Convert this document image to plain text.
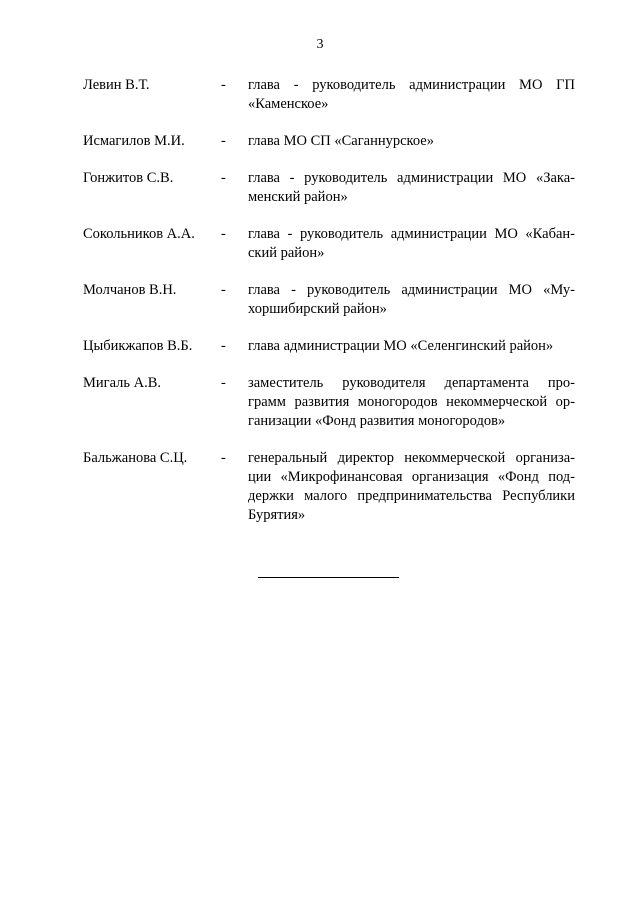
3
Левин В.Т.	-	глава - руководитель администрации МО ГП
«Каменское»
Исмагилов М.И.	-	глава МО СП «Саганнурское»
Гонжитов С.В.	-	глава - руководитель администрации МО «Зака-
менский район»
Сокольников А.А.	-	глава - руководитель администрации МО «Кабан-
ский район»
Молчанов В.Н.	-	глава - руководитель администрации МО «Му-
хоршибирский район»
Цыбикжапов В.Б.	-	глава администрации МО «Селенгинский район»
Мигаль А.В.	-	заместитель руководителя департамента про-
грамм развития моногородов некоммерческой ор-
ганизации «Фонд развития моногородов»
Бальжанова С.Ц.	-	генеральный директор некоммерческой организа-
ции «Микрофинансовая организация «Фонд под-
держки малого предпринимательства Республики
Бурятия»
